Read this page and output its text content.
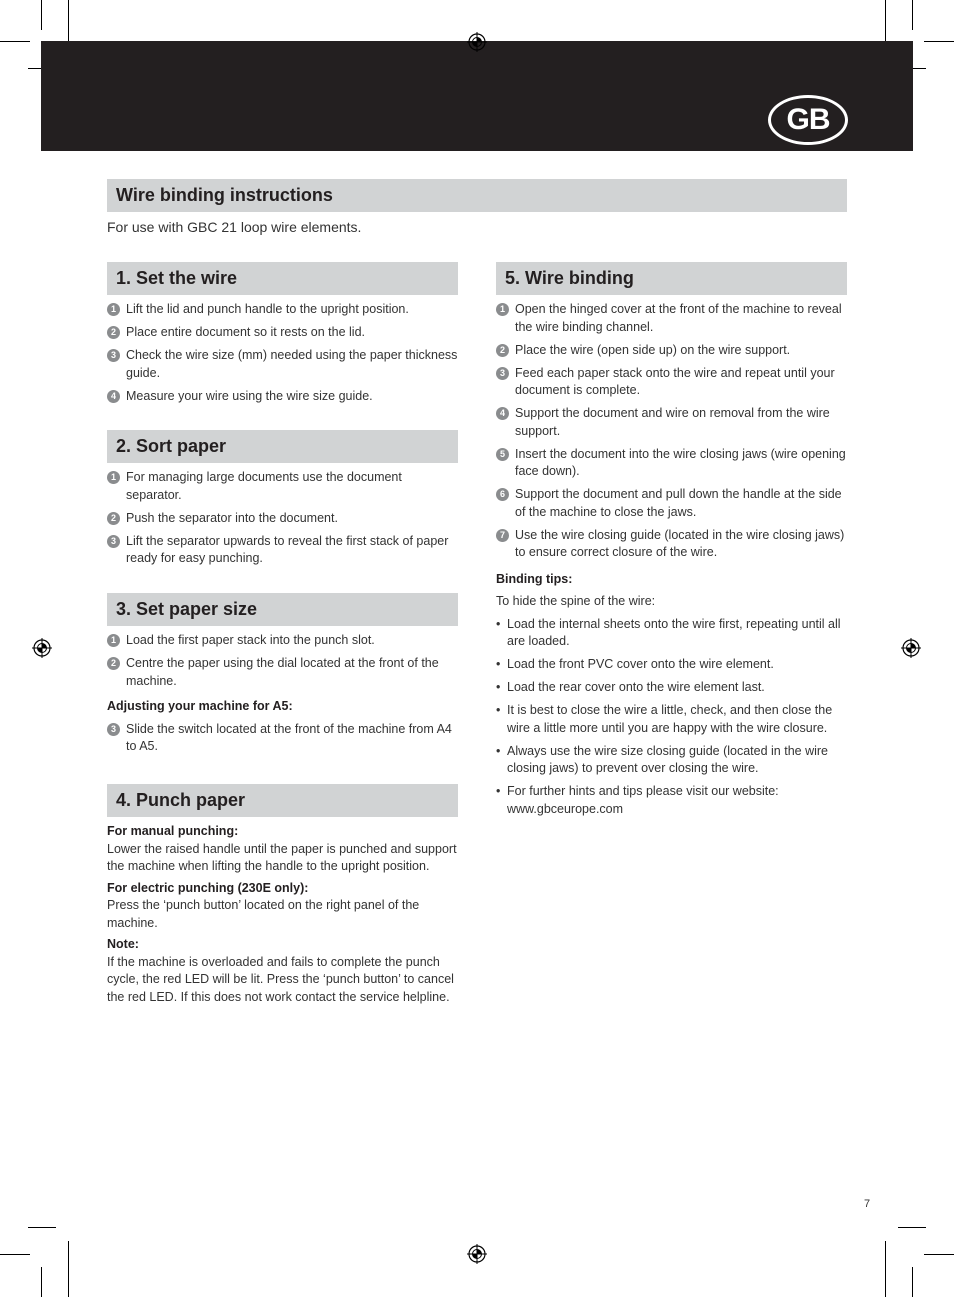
GB
Wire binding instructions
For use with GBC 21 loop wire elements.
1. Set the wire
1 Lift the lid and punch handle to the upright position.
2 Place entire document so it rests on the lid.
3 Check the wire size (mm) needed using the paper thickness guide.
4 Measure your wire using the wire size guide.
2. Sort paper
1 For managing large documents use the document separator.
2 Push the separator into the document.
3 Lift the separator upwards to reveal the first stack of paper ready for easy punching.
3. Set paper size
1 Load the first paper stack into the punch slot.
2 Centre the paper using the dial located at the front of the machine.
Adjusting your machine for A5:
3 Slide the switch located at the front of the machine from A4 to A5.
4. Punch paper
For manual punching:
Lower the raised handle until the paper is punched and support the machine when lifting the handle to the upright position.
For electric punching (230E only):
Press the ‘punch button’ located on the right panel of the machine.
Note:
If the machine is overloaded and fails to complete the punch cycle, the red LED will be lit. Press the ‘punch button’ to cancel the red LED. If this does not work contact the service helpline.
5. Wire binding
1 Open the hinged cover at the front of the machine to reveal the wire binding channel.
2 Place the wire (open side up) on the wire support.
3 Feed each paper stack onto the wire and repeat until your document is complete.
4 Support the document and wire on removal from the wire support.
5 Insert the document into the wire closing jaws (wire opening face down).
6 Support the document and pull down the handle at the side of the machine to close the jaws.
7 Use the wire closing guide (located in the wire closing jaws) to ensure correct closure of the wire.
Binding tips:
To hide the spine of the wire:
• Load the internal sheets onto the wire first, repeating until all are loaded.
• Load the front PVC cover onto the wire element.
• Load the rear cover onto the wire element last.
• It is best to close the wire a little, check, and then close the wire a little more until you are happy with the wire closure.
• Always use the wire size closing guide (located in the wire closing jaws) to prevent over closing the wire.
• For further hints and tips please visit our website: www.gbceurope.com
7
